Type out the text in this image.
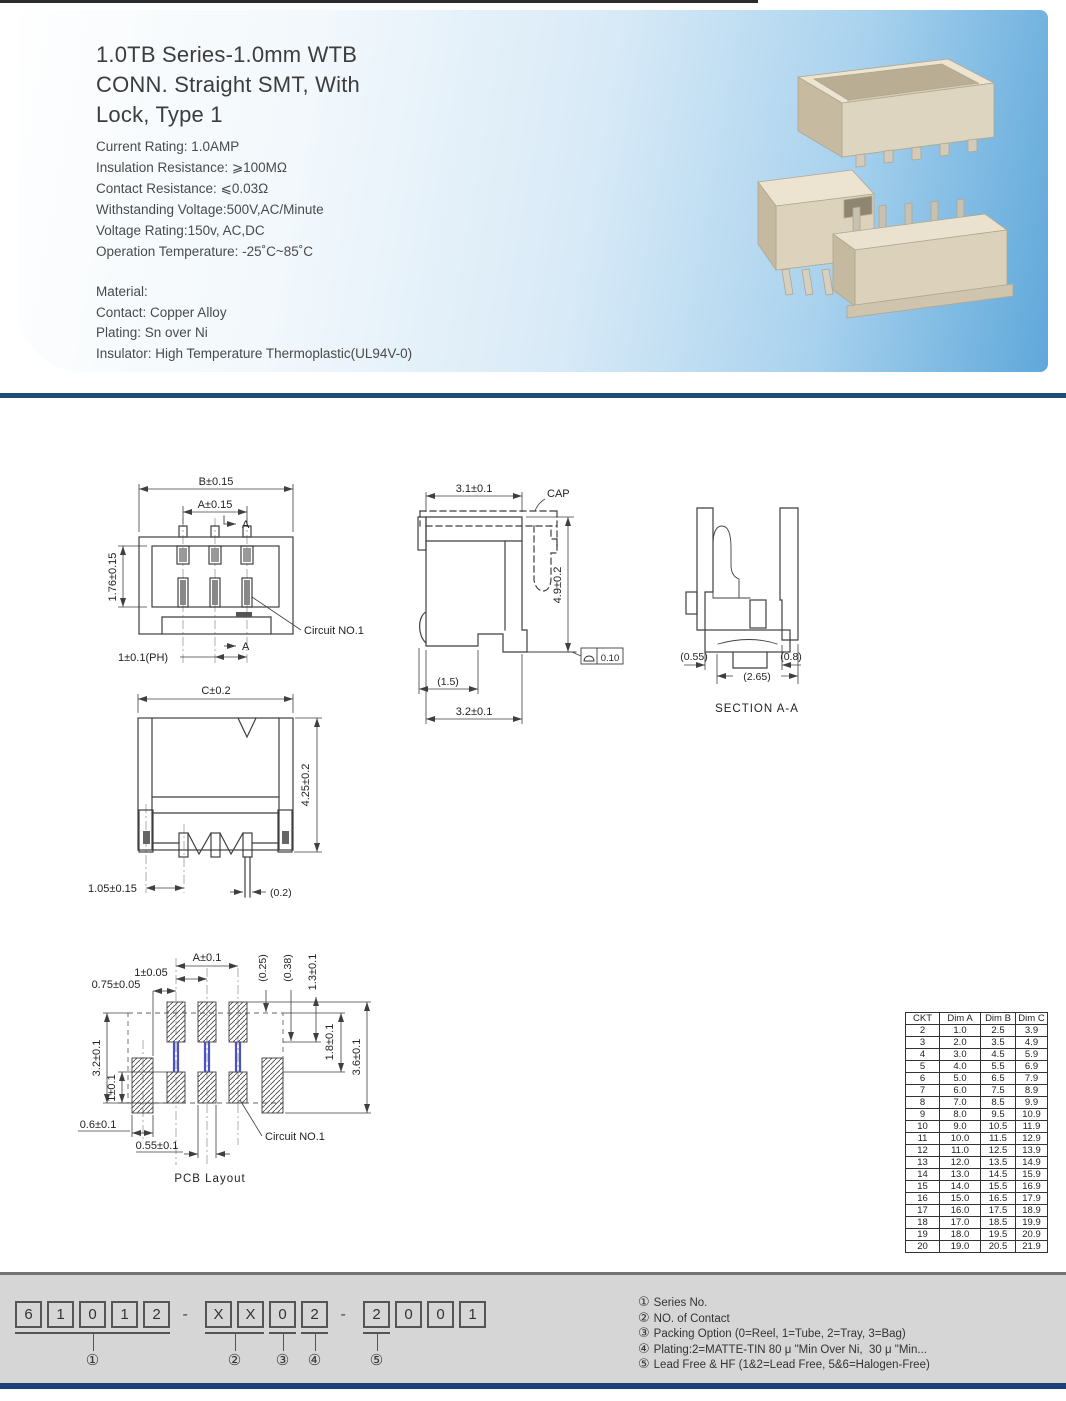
1.0TB Series-1.0mm WTB
CONN. Straight SMT, With
Lock, Type 1
Current Rating: 1.0AMP
Insulation Resistance: ⩾100MΩ
Contact Resistance: ⩽0.03Ω
Withstanding Voltage:500V,AC/Minute
Voltage Rating:150v, AC,DC
Operation Temperature: -25˚C~85˚C
Material:
Contact: Copper Alloy
Plating: Sn over Ni
Insulator: High Temperature Thermoplastic(UL94V-0)
B±0.15
A±0.15
A
A
1.76±0.15
1±0.1(PH)
Circuit NO.1
3.1±0.1	CAP
4.9±0.2
(1.5)
3.2±0.1
0.10	(0.55)	(0.8)
(2.65)
SECTION A-A
C±0.2
4.25±0.2
1.05±0.15	(0.2)
A±0.1
1±0.05
0.75±0.05
(0.25) (0.38) 1.3±0.1
1.8±0.1 3.6±0.1
3.2±0.1
1±0.1
0.6±0.1
0.55±0.1
Circuit NO.1
PCB Layout
CKT	Dim A	Dim B	Dim C
2	1.0	2.5	3.9
3	2.0	3.5	4.9
4	3.0	4.5	5.9
5	4.0	5.5	6.9
6	5.0	6.5	7.9
7	6.0	7.5	8.9
8	7.0	8.5	9.9
9	8.0	9.5	10.9
10	9.0	10.5	11.9
11	10.0	11.5	12.9
12	11.0	12.5	13.9
13	12.0	13.5	14.9
14	13.0	14.5	15.9
15	14.0	15.5	16.9
16	15.0	16.5	17.9
17	16.0	17.5	18.9
18	17.0	18.5	19.9
19	18.0	19.5	20.9
20	19.0	20.5	21.9
6	1	0	1	2	-	X	X	0	2	-	2	0	0	1
①	② ③ ④	⑤
① Series No.
② NO. of Contact
③ Packing Option (0=Reel, 1=Tube, 2=Tray, 3=Bag)
④ Plating:2=MATTE-TIN 80 μ "Min Over Ni,  30 μ "Min...
⑤ Lead Free & HF (1&2=Lead Free, 5&6=Halogen-Free)
